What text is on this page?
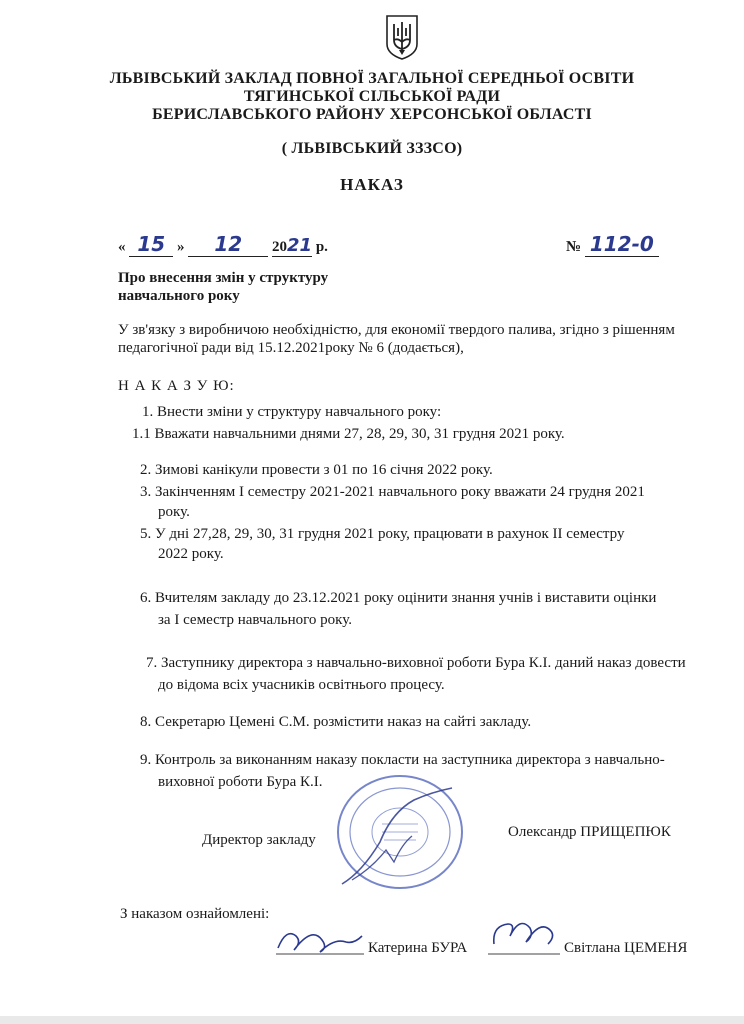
ЛЬВІВСЬКИЙ ЗАКЛАД ПОВНОЇ ЗАГАЛЬНОЇ СЕРЕДНЬОЇ ОСВІТИ
ТЯГИНСЬКОЇ СІЛЬСЬКОЇ РАДИ
БЕРИСЛАВСЬКОГО РАЙОНУ ХЕРСОНСЬКОЇ ОБЛАСТІ
( ЛЬВІВСЬКИЙ ЗЗЗСО)
НАКАЗ
« 15 » 12 2021 р.	№ 112-0
Про внесення змін у структуру
навчального року
У зв'язку з виробничою необхідністю, для економії твердого палива, згідно з рішенням
педагогічної ради від 15.12.2021року № 6 (додається),
Н А К А З У Ю:
1. Внести зміни у структуру навчального року:
1.1 Вважати навчальними днями 27, 28, 29, 30, 31 грудня 2021 року.
2. Зимові канікули провести з 01 по 16 січня 2022 року.
3. Закінченням І семестру 2021-2021 навчального року вважати 24 грудня 2021
року.
5. У дні 27,28, 29, 30, 31 грудня 2021 року, працювати в рахунок ІІ семестру
2022 року.
6. Вчителям закладу до 23.12.2021 року оцінити знання учнів і виставити оцінки
за І семестр навчального року.
7. Заступнику директора з навчально-виховної роботи Бура К.І. даний наказ довести
до відома всіх учасників освітнього процесу.
8. Секретарю Цемені С.М. розмістити наказ на сайті закладу.
9. Контроль за виконанням наказу покласти на заступника директора з навчально-
виховної роботи Бура К.І.
Директор закладу	Олександр ПРИЩЕПЮК
З наказом ознайомлені:
Катерина БУРА	Світлана ЦЕМЕНЯ
